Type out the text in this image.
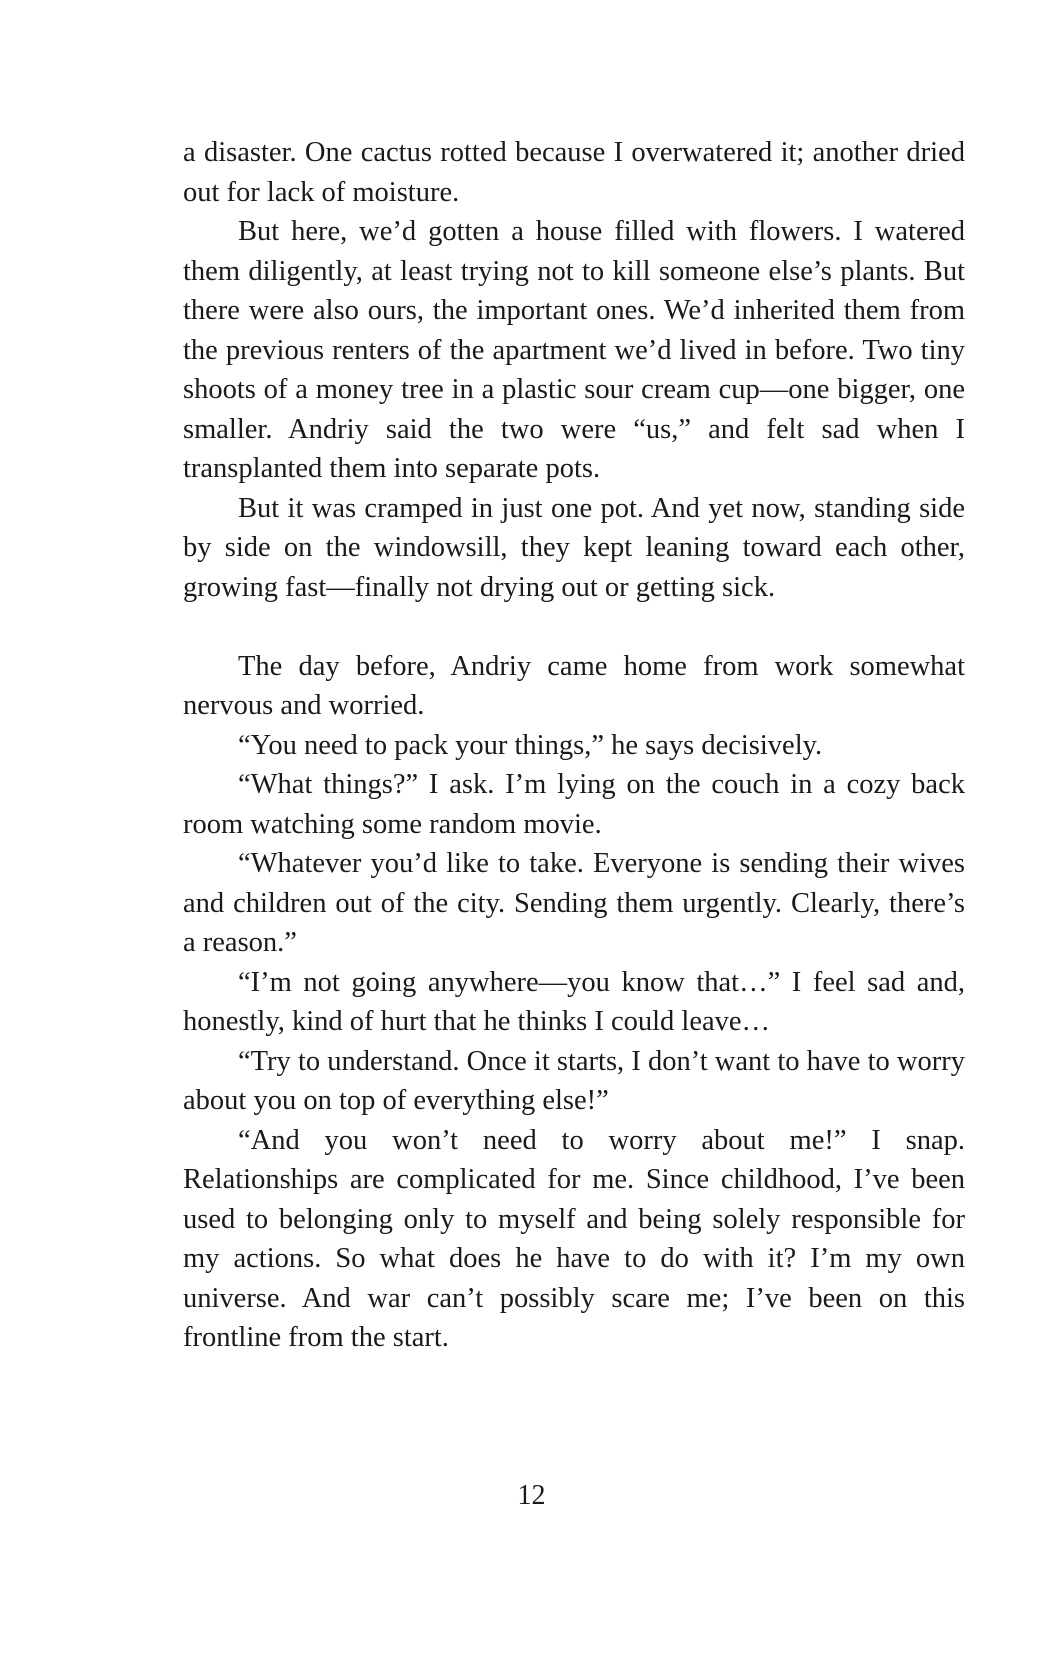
a disaster. One cactus rotted because I overwatered it; another dried out for lack of moisture.

But here, we’d gotten a house filled with flowers. I watered them diligently, at least trying not to kill someone else’s plants. But there were also ours, the important ones. We’d inherited them from the previous renters of the apartment we’d lived in before. Two tiny shoots of a money tree in a plastic sour cream cup—one bigger, one smaller. Andriy said the two were “us,” and felt sad when I transplanted them into separate pots.

But it was cramped in just one pot. And yet now, standing side by side on the windowsill, they kept leaning toward each other, growing fast—finally not drying out or getting sick.

The day before, Andriy came home from work somewhat nervous and worried.

“You need to pack your things,” he says decisively.

“What things?” I ask. I’m lying on the couch in a cozy back room watching some random movie.

“Whatever you’d like to take. Everyone is sending their wives and children out of the city. Sending them urgently. Clearly, there’s a reason.”

“I’m not going anywhere—you know that…” I feel sad and, honestly, kind of hurt that he thinks I could leave…

“Try to understand. Once it starts, I don’t want to have to worry about you on top of everything else!”

“And you won’t need to worry about me!” I snap. Relationships are complicated for me. Since childhood, I’ve been used to belonging only to myself and being solely responsible for my actions. So what does he have to do with it? I’m my own universe. And war can’t possibly scare me; I’ve been on this frontline from the start.

12
